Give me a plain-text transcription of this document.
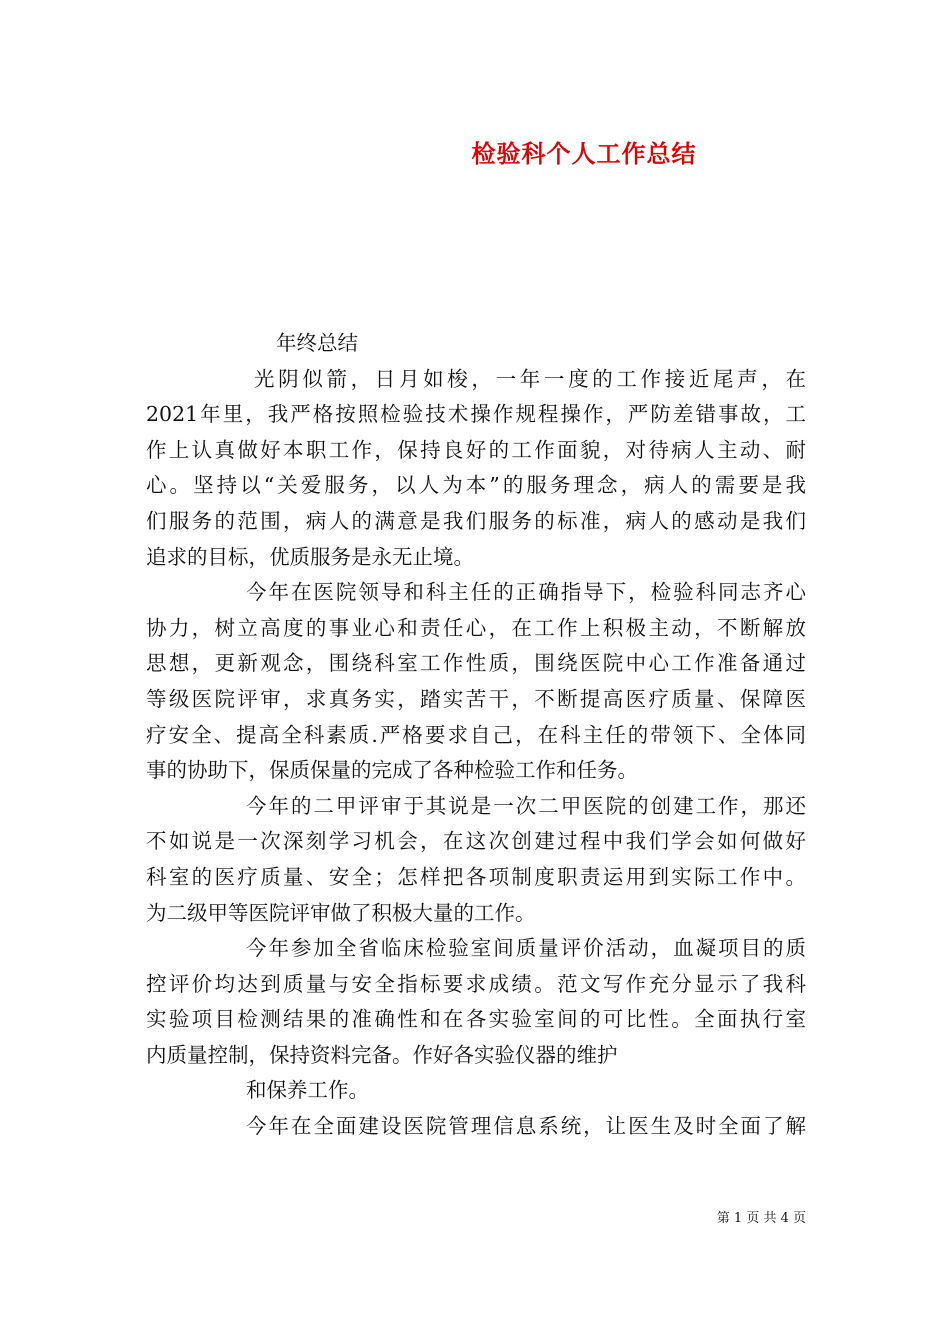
检验科个人工作总结
年终总结
光阴似箭，日月如梭，一年一度的工作接近尾声，在
2021年里，我严格按照检验技术操作规程操作，严防差错事故，工
作上认真做好本职工作，保持良好的工作面貌，对待病人主动、耐
心。坚持以“关爱服务，以人为本”的服务理念，病人的需要是我
们服务的范围，病人的满意是我们服务的标准，病人的感动是我们
追求的目标，优质服务是永无止境。
今年在医院领导和科主任的正确指导下，检验科同志齐心
协力，树立高度的事业心和责任心，在工作上积极主动，不断解放
思想，更新观念，围绕科室工作性质，围绕医院中心工作准备通过
等级医院评审，求真务实，踏实苦干，不断提高医疗质量、保障医
疗安全、提高全科素质.严格要求自己，在科主任的带领下、全体同
事的协助下，保质保量的完成了各种检验工作和任务。
今年的二甲评审于其说是一次二甲医院的创建工作，那还
不如说是一次深刻学习机会，在这次创建过程中我们学会如何做好
科室的医疗质量、安全；怎样把各项制度职责运用到实际工作中。
为二级甲等医院评审做了积极大量的工作。
今年参加全省临床检验室间质量评价活动，血凝项目的质
控评价均达到质量与安全指标要求成绩。范文写作充分显示了我科
实验项目检测结果的准确性和在各实验室间的可比性。全面执行室
内质量控制，保持资料完备。作好各实验仪器的维护
和保养工作。
今年在全面建设医院管理信息系统，让医生及时全面了解
第 1 页 共 4 页
